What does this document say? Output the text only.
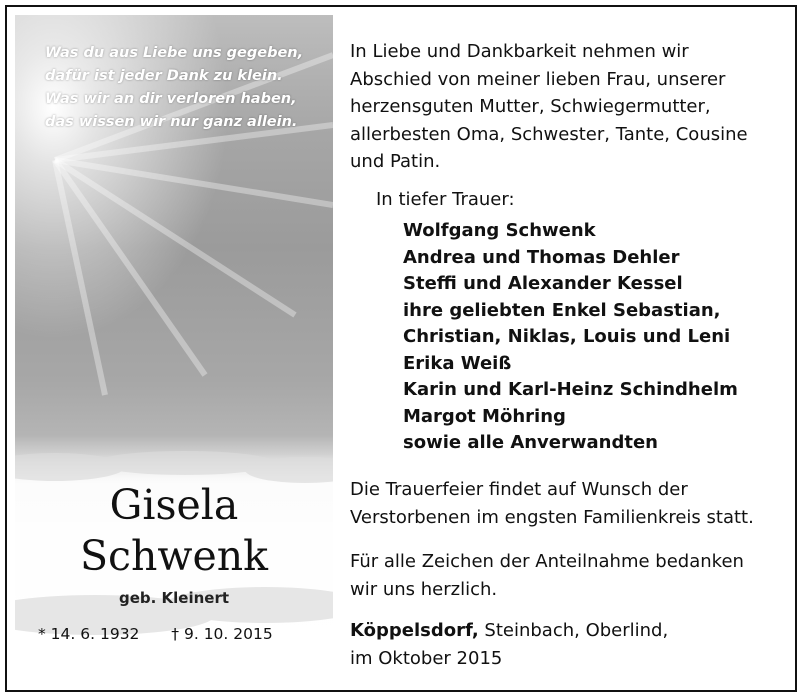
Was du aus Liebe uns gegeben,
dafür ist jeder Dank zu klein.
Was wir an dir verloren haben,
das wissen wir nur ganz allein.
Gisela
Schwenk
geb. Kleinert
* 14. 6. 1932 † 9. 10. 2015
In Liebe und Dankbarkeit nehmen wir
Abschied von meiner lieben Frau, unserer
herzensguten Mutter, Schwiegermutter,
allerbesten Oma, Schwester, Tante, Cousine
und Patin.
In tiefer Trauer:
Wolfgang Schwenk
Andrea und Thomas Dehler
Steffi und Alexander Kessel
ihre geliebten Enkel Sebastian,
Christian, Niklas, Louis und Leni
Erika Weiß
Karin und Karl-Heinz Schindhelm
Margot Möhring
sowie alle Anverwandten
Die Trauerfeier findet auf Wunsch der
Verstorbenen im engsten Familienkreis statt.
Für alle Zeichen der Anteilnahme bedanken
wir uns herzlich.
Köppelsdorf, Steinbach, Oberlind,
im Oktober 2015
